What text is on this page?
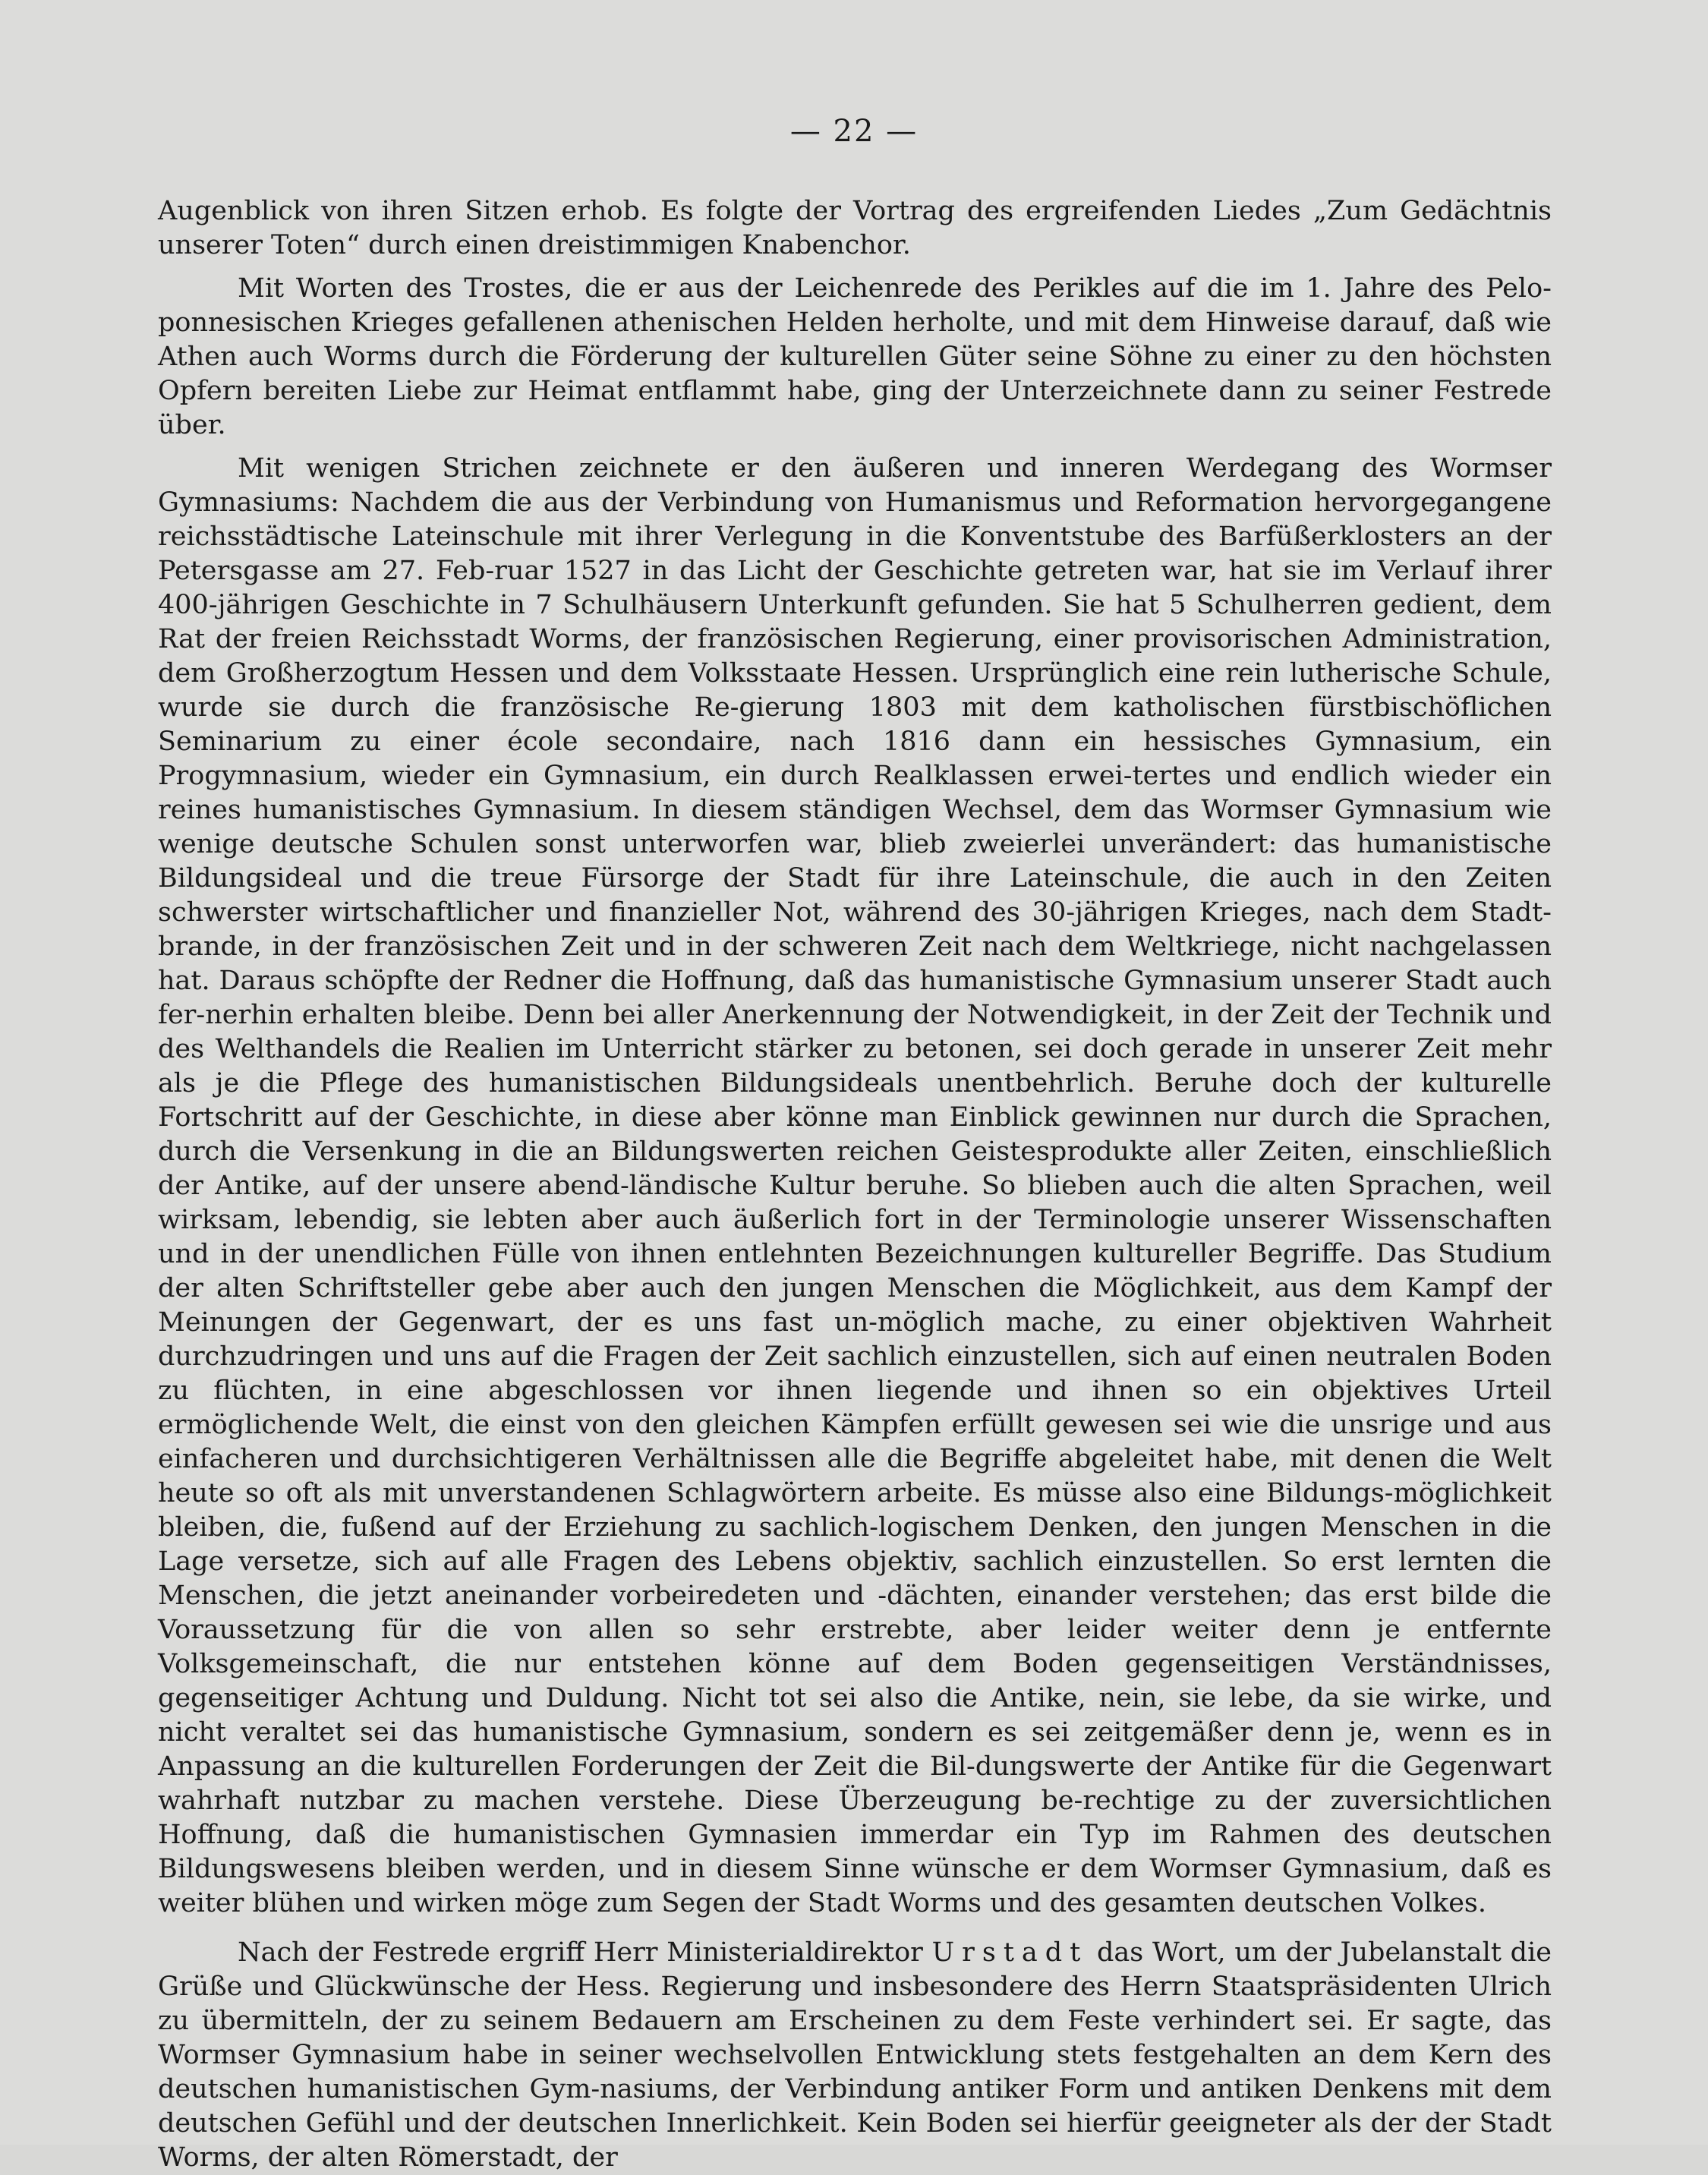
— 22 —

Augenblick von ihren Sitzen erhob. Es folgte der Vortrag des ergreifenden Liedes „Zum Gedächtnis unserer Toten“ durch einen dreistimmigen Knabenchor.

Mit Worten des Trostes, die er aus der Leichenrede des Perikles auf die im 1. Jahre des Pelo-ponnesischen Krieges gefallenen athenischen Helden herholte, und mit dem Hinweise darauf, daß wie Athen auch Worms durch die Förderung der kulturellen Güter seine Söhne zu einer zu den höchsten Opfern bereiten Liebe zur Heimat entflammt habe, ging der Unterzeichnete dann zu seiner Festrede über.

Mit wenigen Strichen zeichnete er den äußeren und inneren Werdegang des Wormser Gymnasiums: Nachdem die aus der Verbindung von Humanismus und Reformation hervorgegangene reichsstädtische Lateinschule mit ihrer Verlegung in die Konventstube des Barfüßerklosters an der Petersgasse am 27. Feb-ruar 1527 in das Licht der Geschichte getreten war, hat sie im Verlauf ihrer 400-jährigen Geschichte in 7 Schulhäusern Unterkunft gefunden. Sie hat 5 Schulherren gedient, dem Rat der freien Reichsstadt Worms, der französischen Regierung, einer provisorischen Administration, dem Großherzogtum Hessen und dem Volksstaate Hessen. Ursprünglich eine rein lutherische Schule, wurde sie durch die französische Re-gierung 1803 mit dem katholischen fürstbischöflichen Seminarium zu einer école secondaire, nach 1816 dann ein hessisches Gymnasium, ein Progymnasium, wieder ein Gymnasium, ein durch Realklassen erwei-tertes und endlich wieder ein reines humanistisches Gymnasium. In diesem ständigen Wechsel, dem das Wormser Gymnasium wie wenige deutsche Schulen sonst unterworfen war, blieb zweierlei unverändert: das humanistische Bildungsideal und die treue Fürsorge der Stadt für ihre Lateinschule, die auch in den Zeiten schwerster wirtschaftlicher und finanzieller Not, während des 30-jährigen Krieges, nach dem Stadt-brande, in der französischen Zeit und in der schweren Zeit nach dem Weltkriege, nicht nachgelassen hat. Daraus schöpfte der Redner die Hoffnung, daß das humanistische Gymnasium unserer Stadt auch fer-nerhin erhalten bleibe. Denn bei aller Anerkennung der Notwendigkeit, in der Zeit der Technik und des Welthandels die Realien im Unterricht stärker zu betonen, sei doch gerade in unserer Zeit mehr als je die Pflege des humanistischen Bildungsideals unentbehrlich. Beruhe doch der kulturelle Fortschritt auf der Geschichte, in diese aber könne man Einblick gewinnen nur durch die Sprachen, durch die Versenkung in die an Bildungswerten reichen Geistesprodukte aller Zeiten, einschließlich der Antike, auf der unsere abend-ländische Kultur beruhe. So blieben auch die alten Sprachen, weil wirksam, lebendig, sie lebten aber auch äußerlich fort in der Terminologie unserer Wissenschaften und in der unendlichen Fülle von ihnen entlehnten Bezeichnungen kultureller Begriffe. Das Studium der alten Schriftsteller gebe aber auch den jungen Menschen die Möglichkeit, aus dem Kampf der Meinungen der Gegenwart, der es uns fast un-möglich mache, zu einer objektiven Wahrheit durchzudringen und uns auf die Fragen der Zeit sachlich einzustellen, sich auf einen neutralen Boden zu flüchten, in eine abgeschlossen vor ihnen liegende und ihnen so ein objektives Urteil ermöglichende Welt, die einst von den gleichen Kämpfen erfüllt gewesen sei wie die unsrige und aus einfacheren und durchsichtigeren Verhältnissen alle die Begriffe abgeleitet habe, mit denen die Welt heute so oft als mit unverstandenen Schlagwörtern arbeite. Es müsse also eine Bildungs-möglichkeit bleiben, die, fußend auf der Erziehung zu sachlich-logischem Denken, den jungen Menschen in die Lage versetze, sich auf alle Fragen des Lebens objektiv, sachlich einzustellen. So erst lernten die Menschen, die jetzt aneinander vorbeiredeten und -dächten, einander verstehen; das erst bilde die Voraussetzung für die von allen so sehr erstrebte, aber leider weiter denn je entfernte Volksgemeinschaft, die nur entstehen könne auf dem Boden gegenseitigen Verständnisses, gegenseitiger Achtung und Duldung. Nicht tot sei also die Antike, nein, sie lebe, da sie wirke, und nicht veraltet sei das humanistische Gymnasium, sondern es sei zeitgemäßer denn je, wenn es in Anpassung an die kulturellen Forderungen der Zeit die Bil-dungswerte der Antike für die Gegenwart wahrhaft nutzbar zu machen verstehe. Diese Überzeugung be-rechtige zu der zuversichtlichen Hoffnung, daß die humanistischen Gymnasien immerdar ein Typ im Rahmen des deutschen Bildungswesens bleiben werden, und in diesem Sinne wünsche er dem Wormser Gymnasium, daß es weiter blühen und wirken möge zum Segen der Stadt Worms und des gesamten deutschen Volkes.

Nach der Festrede ergriff Herr Ministerialdirektor Urstadt das Wort, um der Jubelanstalt die Grüße und Glückwünsche der Hess. Regierung und insbesondere des Herrn Staatspräsidenten Ulrich zu übermitteln, der zu seinem Bedauern am Erscheinen zu dem Feste verhindert sei. Er sagte, das Wormser Gymnasium habe in seiner wechselvollen Entwicklung stets festgehalten an dem Kern des deutschen humanistischen Gym-nasiums, der Verbindung antiker Form und antiken Denkens mit dem deutschen Gefühl und der deutschen Innerlichkeit. Kein Boden sei hierfür geeigneter als der der Stadt Worms, der alten Römerstadt, der
